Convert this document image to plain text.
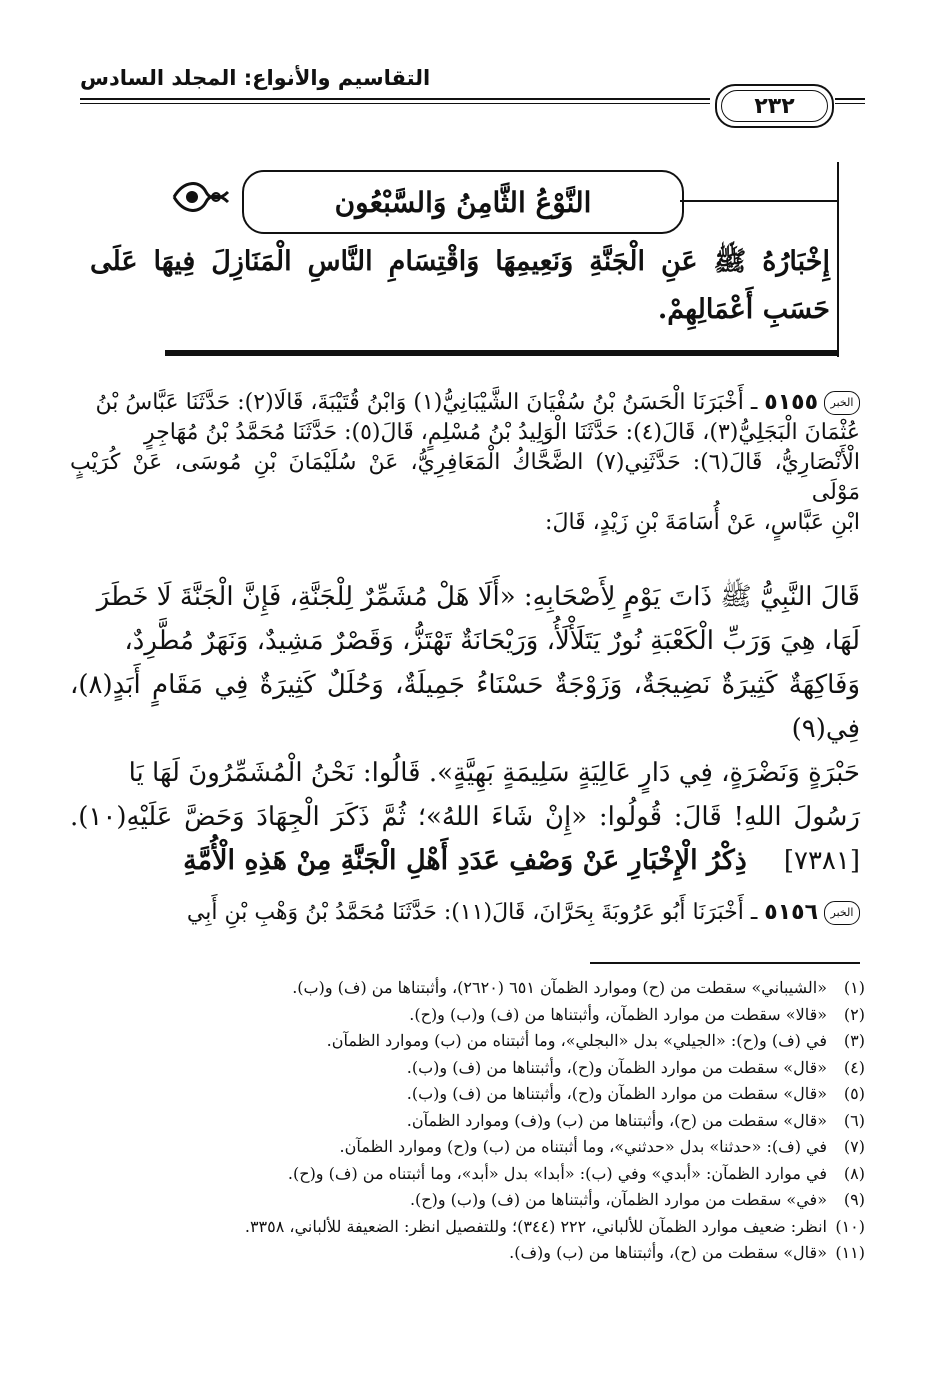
التقاسيم والأنواع: المجلد السادس
٢٣٢
النَّوْعُ الثَّامِنُ وَالسَّبْعُون
إِخْبَارُهُ ﷺ عَنِ الْجَنَّةِ وَنَعِيمِهَا وَاقْتِسَامِ النَّاسِ الْمَنَازِلَ فِيهَا عَلَى حَسَبِ أَعْمَالِهِمْ.
الخبر٥١٥٥ ـ أَخْبَرَنَا الْحَسَنُ بْنُ سُفْيَانَ الشَّيْبَانِيُّ(١) وَابْنُ قُتَيْبَةَ، قَالَا(٢): حَدَّثَنَا عَبَّاسُ بْنُ
عُثْمَانَ الْبَجَلِيُّ(٣)، قَالَ(٤): حَدَّثَنَا الْوَلِيدُ بْنُ مُسْلِمٍ، قَالَ(٥): حَدَّثَنَا مُحَمَّدُ بْنُ مُهَاجِرٍ
الْأَنْصَارِيُّ، قَالَ(٦): حَدَّثَنِي(٧) الضَّحَّاكُ الْمَعَافِرِيُّ، عَنْ سُلَيْمَانَ بْنِ مُوسَى، عَنْ كُرَيْبٍ مَوْلَى
ابْنِ عَبَّاسٍ، عَنْ أُسَامَةَ بْنِ زَيْدٍ، قَالَ:
قَالَ النَّبِيُّ ﷺ ذَاتَ يَوْمٍ لِأَصْحَابِهِ: «أَلَا هَلْ مُشَمِّرٌ لِلْجَنَّةِ، فَإِنَّ الْجَنَّةَ لَا خَطَرَ
لَهَا، هِيَ وَرَبِّ الْكَعْبَةِ نُورٌ يَتَلَأْلَأُ، وَرَيْحَانَةٌ تَهْتَزُّ، وَقَصْرٌ مَشِيدٌ، وَنَهَرٌ مُطَّرِدٌ،
وَفَاكِهَةٌ كَثِيرَةٌ نَضِيجَةٌ، وَزَوْجَةٌ حَسْنَاءُ جَمِيلَةٌ، وَحُلَلٌ كَثِيرَةٌ فِي مَقَامٍ أَبَدٍ(٨)، فِي(٩)
حَبْرَةٍ وَنَضْرَةٍ، فِي دَارٍ عَالِيَةٍ سَلِيمَةٍ بَهِيَّةٍ». قَالُوا: نَحْنُ الْمُشَمِّرُونَ لَهَا يَا
رَسُولَ اللهِ! قَالَ: قُولُوا: «إِنْ شَاءَ اللهُ»؛ ثُمَّ ذَكَرَ الْجِهَادَ وَحَضَّ عَلَيْهِ(١٠). [٧٣٨١]
ذِكْرُ الْإِخْبَارِ عَنْ وَصْفِ عَدَدِ أَهْلِ الْجَنَّةِ مِنْ هَذِهِ الْأُمَّةِ
الخبر٥١٥٦ ـ أَخْبَرَنَا أَبُو عَرُوبَةَ بِحَرَّانَ، قَالَ(١١): حَدَّثَنَا مُحَمَّدُ بْنُ وَهْبِ بْنِ أَبِي
(١)«الشيباني» سقطت من (ح) وموارد الظمآن ٦٥١ (٢٦٢٠)، وأثبتناها من (ف) و(ب).
(٢)«قالا» سقطت من موارد الظمآن، وأثبتناها من (ف) و(ب) و(ح).
(٣)في (ف) و(ح): «الجيلي» بدل «البجلي»، وما أثبتناه من (ب) وموارد الظمآن.
(٤)«قال» سقطت من موارد الظمآن و(ح)، وأثبتناها من (ف) و(ب).
(٥)«قال» سقطت من موارد الظمآن و(ح)، وأثبتناها من (ف) و(ب).
(٦)«قال» سقطت من (ح)، وأثبتناها من (ب) و(ف) وموارد الظمآن.
(٧)في (ف): «حدثنا» بدل «حدثني»، وما أثبتناه من (ب) و(ح) وموارد الظمآن.
(٨)في موارد الظمآن: «أبدي» وفي (ب): «أبدا» بدل «أبد»، وما أثبتناه من (ف) و(ح).
(٩)«في» سقطت من موارد الظمآن، وأثبتناها من (ف) و(ب) و(ح).
(١٠)انظر: ضعيف موارد الظمآن للألباني، ٢٢٢ (٣٤٤)؛ وللتفصيل انظر: الضعيفة للألباني، ٣٣٥٨.
(١١)«قال» سقطت من (ح)، وأثبتناها من (ب) و(ف).
